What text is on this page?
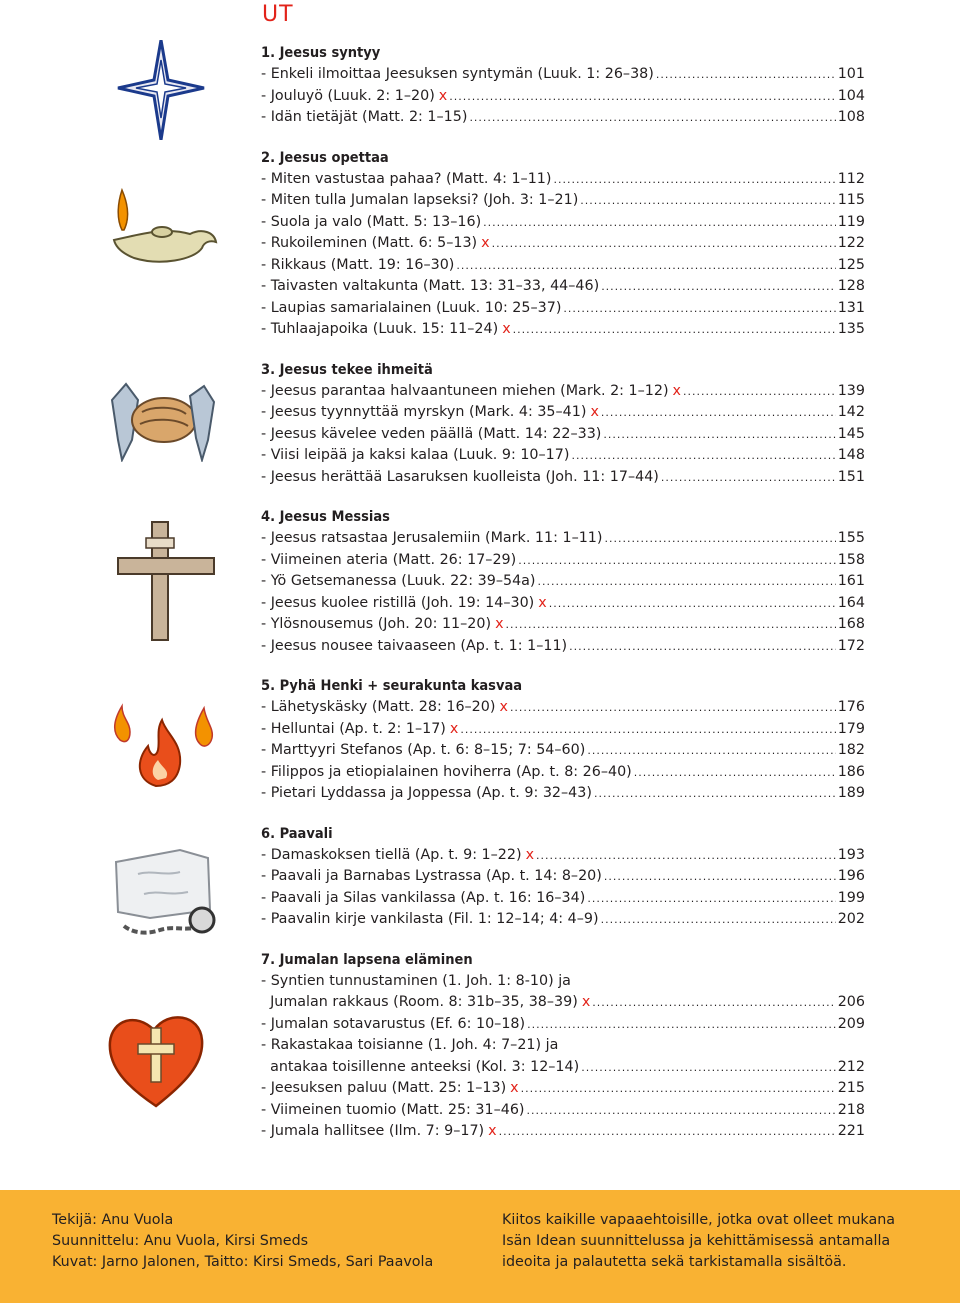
UT
1. Jeesus syntyy
- Enkeli ilmoittaa Jeesuksen syntymän (Luuk. 1: 26–38) .....	101
- Jouluyö (Luuk. 2: 1–20) x .....	104
- Idän tietäjät (Matt. 2: 1–15) .....	108
2. Jeesus opettaa
- Miten vastustaa pahaa? (Matt. 4: 1–11) .....	112
- Miten tulla Jumalan lapseksi? (Joh. 3: 1–21) .....	115
- Suola ja valo (Matt. 5: 13–16) .....	119
- Rukoileminen (Matt. 6: 5–13) x .....	122
- Rikkaus (Matt. 19: 16–30) .....	125
- Taivasten valtakunta (Matt. 13: 31–33, 44–46) .....	128
- Laupias samarialainen (Luuk. 10: 25–37) .....	131
- Tuhlaajapoika (Luuk. 15: 11–24) x .....	135
3. Jeesus tekee ihmeitä
- Jeesus parantaa halvaantuneen miehen (Mark. 2: 1–12) x .....	139
- Jeesus tyynnyttää myrskyn (Mark. 4: 35–41) x .....	142
- Jeesus kävelee veden päällä (Matt. 14: 22–33) .....	145
- Viisi leipää ja kaksi kalaa (Luuk. 9: 10–17) .....	148
- Jeesus herättää Lasaruksen kuolleista (Joh. 11: 17–44) .....	151
4. Jeesus Messias
- Jeesus ratsastaa Jerusalemiin (Mark. 11: 1–11) .....	155
- Viimeinen ateria (Matt. 26: 17–29) .....	158
- Yö Getsemanessa (Luuk. 22: 39–54a) .....	161
- Jeesus kuolee ristillä (Joh. 19: 14–30) x .....	164
- Ylösnousemus (Joh. 20: 11–20) x .....	168
- Jeesus nousee taivaaseen (Ap. t. 1: 1–11) .....	172
5. Pyhä Henki + seurakunta kasvaa
- Lähetyskäsky (Matt. 28: 16–20) x .....	176
- Helluntai (Ap. t. 2: 1–17) x .....	179
- Marttyyri Stefanos (Ap. t. 6: 8–15; 7: 54–60) .....	182
- Filippos ja etiopialainen hoviherra (Ap. t. 8: 26–40) .....	186
- Pietari Lyddassa ja Joppessa (Ap. t. 9: 32–43) .....	189
6. Paavali
- Damaskoksen tiellä (Ap. t. 9: 1–22) x .....	193
- Paavali ja Barnabas Lystrassa (Ap. t. 14: 8–20) .....	196
- Paavali ja Silas vankilassa (Ap. t. 16: 16–34) .....	199
- Paavalin kirje vankilasta (Fil. 1: 12–14; 4: 4–9) .....	202
7. Jumalan lapsena eläminen
- Syntien tunnustaminen (1. Joh. 1: 8-10) ja
Jumalan rakkaus (Room. 8: 31b–35, 38–39) x .....	206
- Jumalan sotavarustus (Ef. 6: 10–18) .....	209
- Rakastakaa toisianne (1. Joh. 4: 7–21) ja
antakaa toisillenne anteeksi (Kol. 3: 12–14) .....	212
- Jeesuksen paluu (Matt. 25: 1–13) x .....	215
- Viimeinen tuomio (Matt. 25: 31–46) .....	218
- Jumala hallitsee (Ilm. 7: 9–17) x .....	221
Tekijä: Anu Vuola
Suunnittelu: Anu Vuola, Kirsi Smeds
Kuvat: Jarno Jalonen, Taitto: Kirsi Smeds, Sari Paavola
Kiitos kaikille vapaaehtoisille, jotka ovat olleet mukana
Isän Idean suunnittelussa ja kehittämisessä antamalla
ideoita ja palautetta sekä tarkistamalla sisältöä.
